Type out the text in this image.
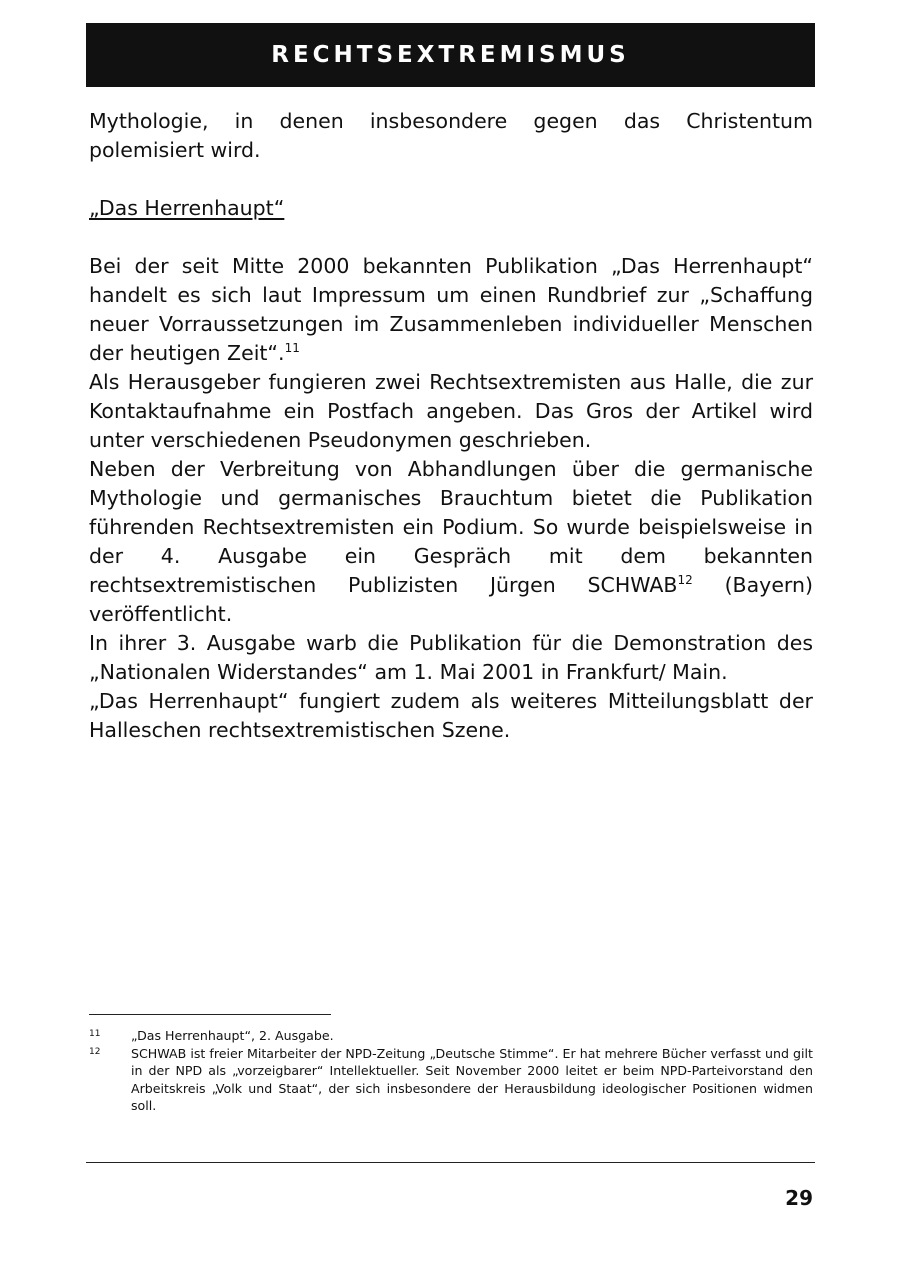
RECHTSEXTREMISMUS

Mythologie, in denen insbesondere gegen das Christentum polemisiert wird.

„Das Herrenhaupt“

Bei der seit Mitte 2000 bekannten Publikation „Das Herrenhaupt“ handelt es sich laut Impressum um einen Rundbrief zur „Schaffung neuer Vorraussetzungen im Zusammenleben individueller Menschen der heutigen Zeit“.$^{11}$

Als Herausgeber fungieren zwei Rechtsextremisten aus Halle, die zur Kontaktaufnahme ein Postfach angeben. Das Gros der Artikel wird unter verschiedenen Pseudonymen geschrieben.

Neben der Verbreitung von Abhandlungen über die germanische Mythologie und germanisches Brauchtum bietet die Publikation führenden Rechtsextremisten ein Podium. So wurde beispielsweise in der 4. Ausgabe ein Gespräch mit dem bekannten rechtsextremistischen Publizisten Jürgen SCHWAB$^{12}$ (Bayern) veröffentlicht.

In ihrer 3. Ausgabe warb die Publikation für die Demonstration des „Nationalen Widerstandes“ am 1. Mai 2001 in Frankfurt/ Main.

„Das Herrenhaupt“ fungiert zudem als weiteres Mitteilungsblatt der Halleschen rechtsextremistischen Szene.

11	„Das Herrenhaupt“, 2. Ausgabe.
12	SCHWAB ist freier Mitarbeiter der NPD-Zeitung „Deutsche Stimme“. Er hat mehrere Bücher verfasst und gilt in der NPD als „vorzeigbarer“ Intellektueller. Seit November 2000 leitet er beim NPD-Parteivorstand den Arbeitskreis „Volk und Staat“, der sich insbesondere der Herausbildung ideologischer Positionen widmen soll.
29
